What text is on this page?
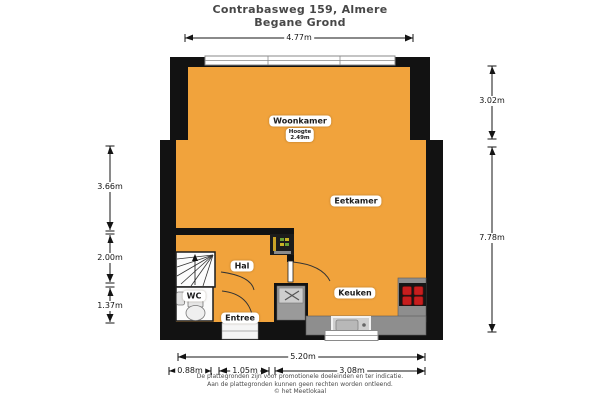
Contrabasweg 159, Almere
Begane Grond
Woonkamer
Hoogte
2.49m
Eetkamer
Hal
WC
Entree
Keuken
4.77m
3.02m
7.78m
3.66m
2.00m
1.37m
5.20m
0.88m	1.05m	3.08m
De plattegronden zijn voor promotionele doeleinden en ter indicatie.
Aan de plattegronden kunnen geen rechten worden ontleend.
© het Meetlokaal
